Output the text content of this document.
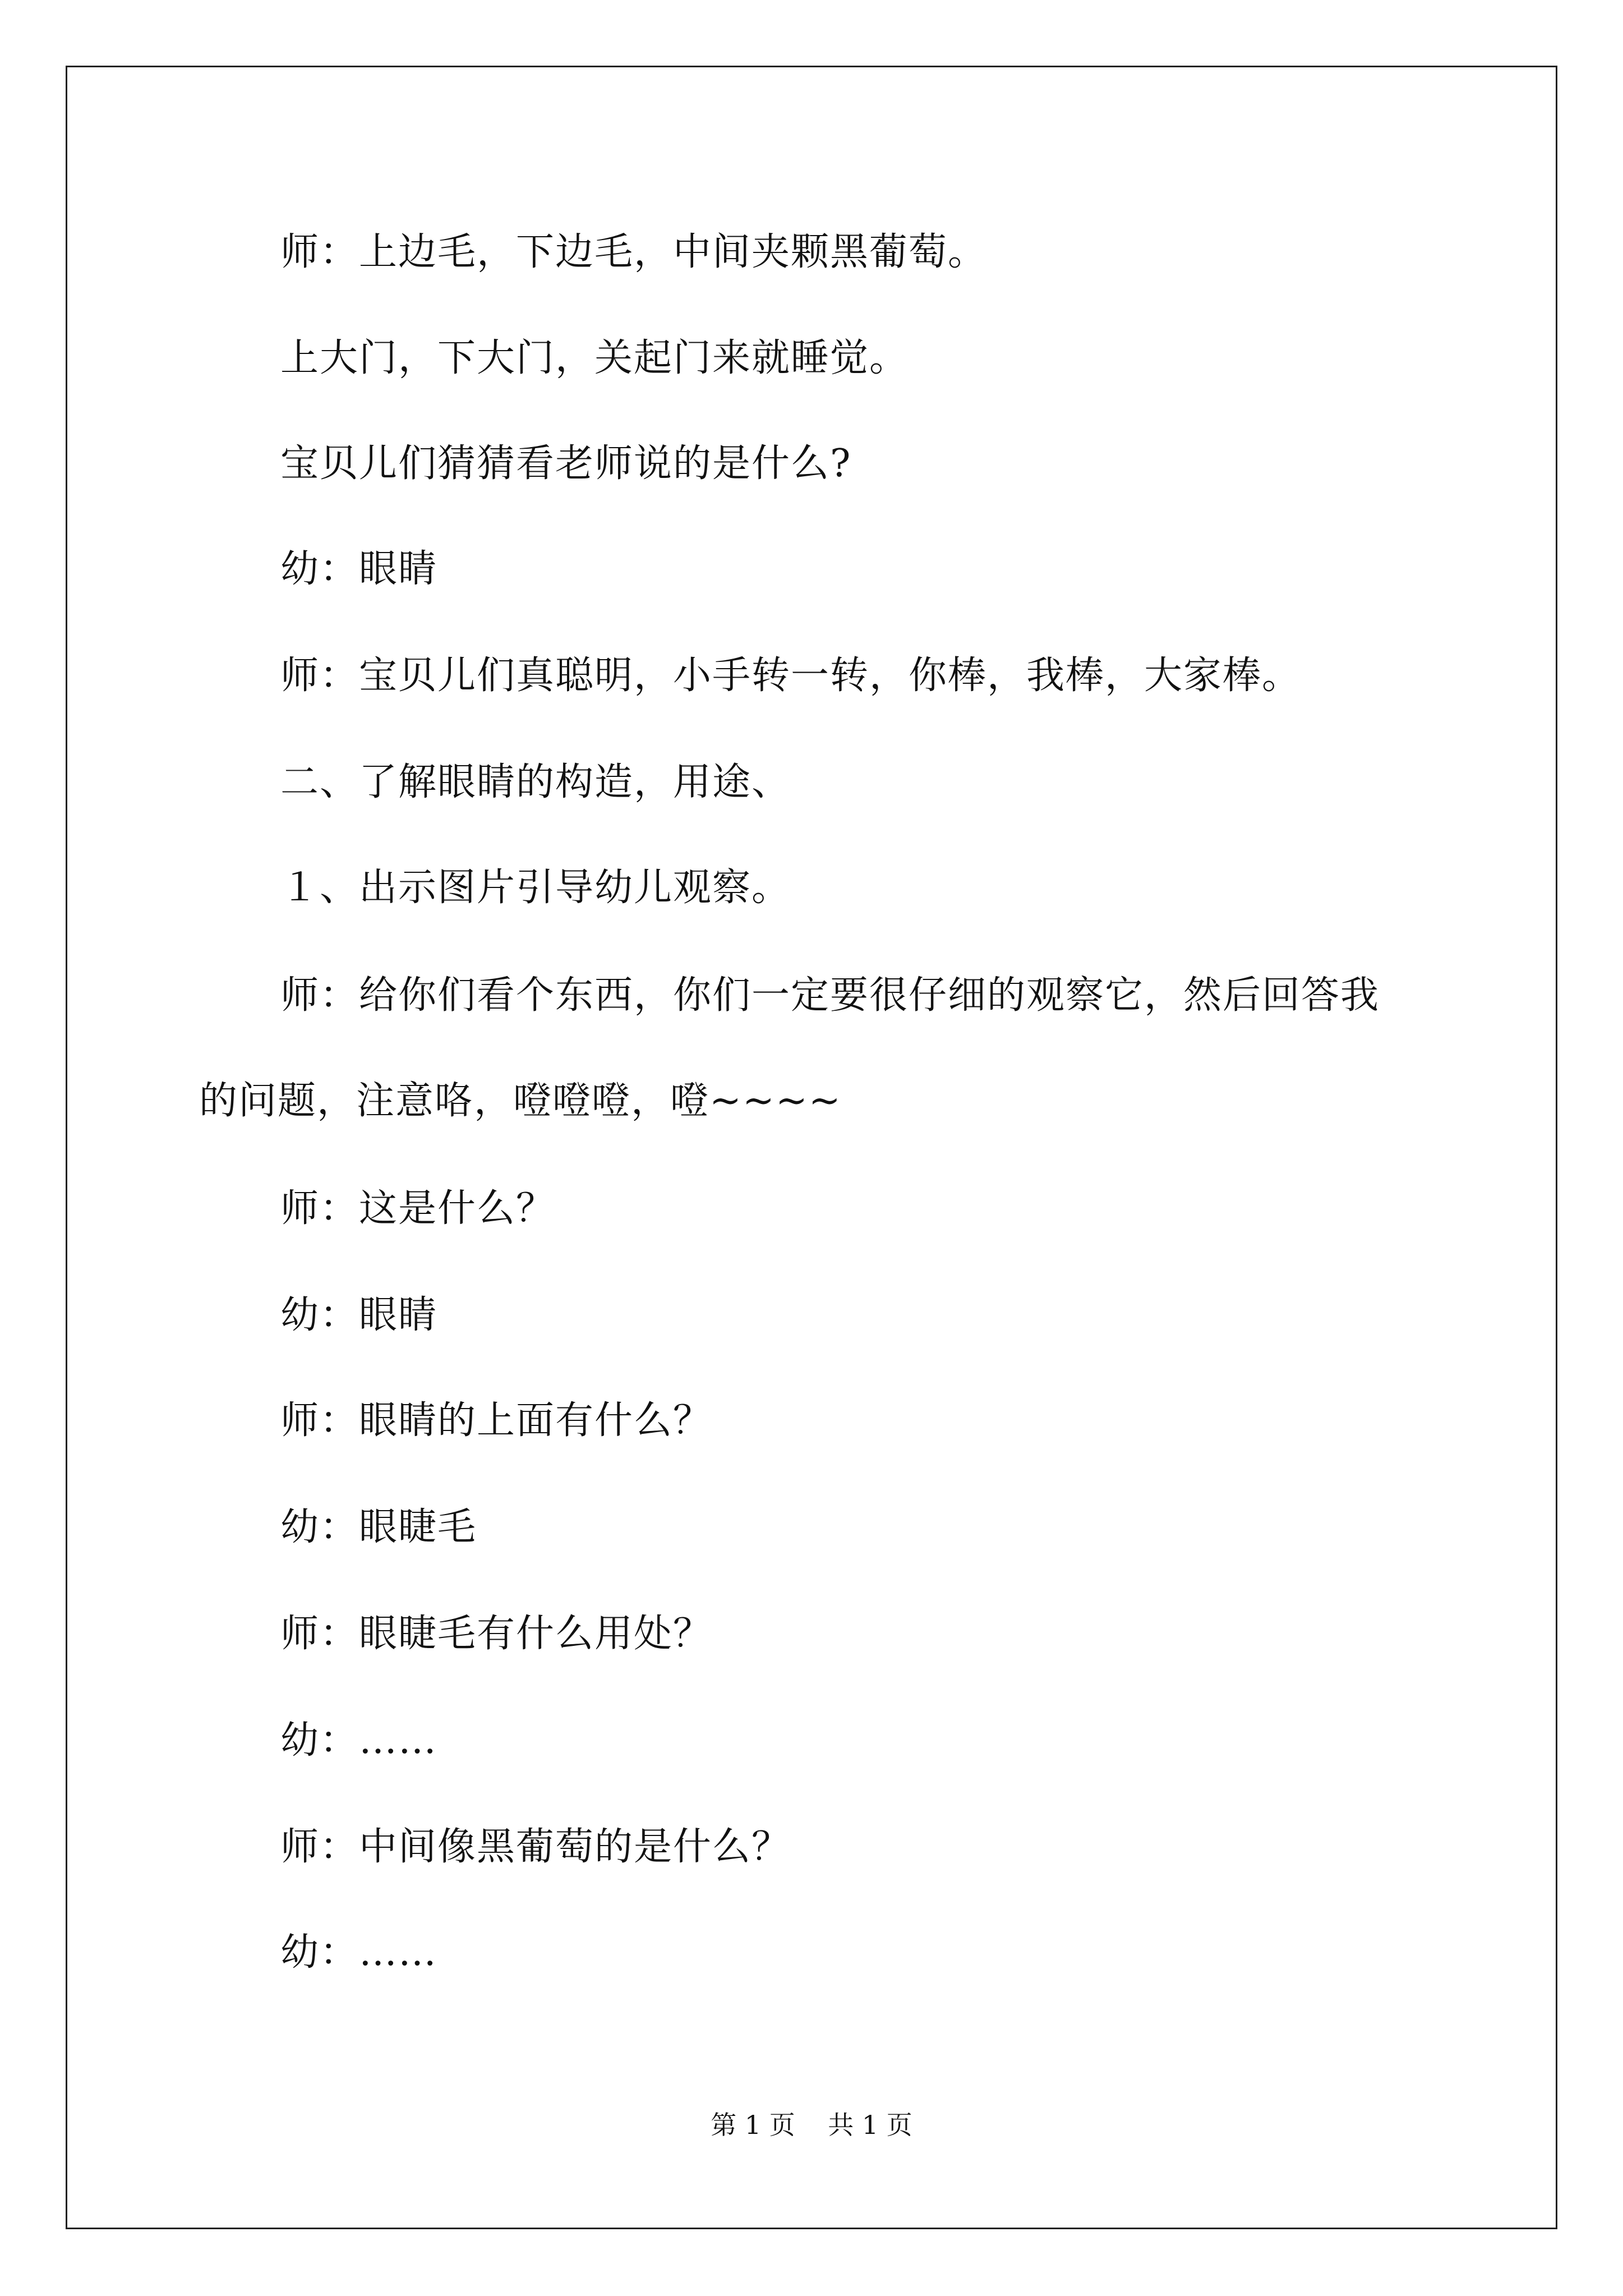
师：上边毛，下边毛，中间夹颗黑葡萄。
上大门，下大门，关起门来就睡觉。
宝贝儿们猜猜看老师说的是什么?
幼：眼睛
师：宝贝儿们真聪明，小手转一转，你棒，我棒，大家棒。
二、了解眼睛的构造，用途、
１、出示图片引导幼儿观察。
师：给你们看个东西，你们一定要很仔细的观察它，然后回答我
的问题，注意咯，噔噔噔，噔~~~~
师：这是什么？
幼：眼睛
师：眼睛的上面有什么？
幼：眼睫毛
师：眼睫毛有什么用处？
幼：……
师：中间像黑葡萄的是什么？
幼：……
第 1 页    共 1 页
